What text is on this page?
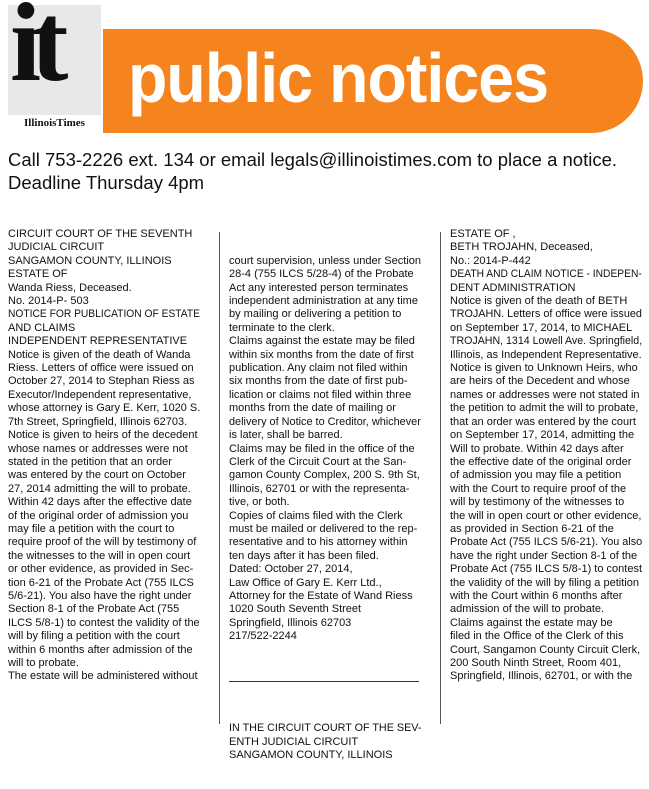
it
IllinoisTimes
public notices
Call 753-2226 ext. 134 or email legals@illinoistimes.com to place a notice.
Deadline Thursday 4pm
CIRCUIT COURT OF THE SEVENTH
JUDICIAL CIRCUIT
SANGAMON COUNTY, ILLINOIS
ESTATE OF
Wanda Riess, Deceased.
No. 2014-P- 503
NOTICE FOR PUBLICATION OF ESTATE
AND CLAIMS
INDEPENDENT REPRESENTATIVE
Notice is given of the death of Wanda
Riess. Letters of office were issued on
October 27, 2014 to Stephan Riess as
Executor/Independent representative,
whose attorney is Gary E. Kerr, 1020 S.
7th Street, Springfield, Illinois 62703.
Notice is given to heirs of the decedent
whose names or addresses were not
stated in the petition that an order
was entered by the court on October
27, 2014 admitting the will to probate.
Within 42 days after the effective date
of the original order of admission you
may file a petition with the court to
require proof of the will by testimony of
the witnesses to the will in open court
or other evidence, as provided in Sec-
tion 6-21 of the Probate Act (755 ILCS
5/6-21). You also have the right under
Section 8-1 of the Probate Act (755
ILCS 5/8-1) to contest the validity of the
will by filing a petition with the court
within 6 months after admission of the
will to probate.
The estate will be administered without

court supervision, unless under Section
28-4 (755 ILCS 5/28-4) of the Probate
Act any interested person terminates
independent administration at any time
by mailing or delivering a petition to
terminate to the clerk.
Claims against the estate may be filed
within six months from the date of first
publication. Any claim not filed within
six months from the date of first pub-
lication or claims not filed within three
months from the date of mailing or
delivery of Notice to Creditor, whichever
is later, shall be barred.
Claims may be filed in the office of the
Clerk of the Circuit Court at the San-
gamon County Complex, 200 S. 9th St,
Illinois, 62701 or with the representa-
tive, or both.
Copies of claims filed with the Clerk
must be mailed or delivered to the rep-
resentative and to his attorney within
ten days after it has been filed.
Dated: October 27, 2014,
Law Office of Gary E. Kerr Ltd.,
Attorney for the Estate of Wand Riess
1020 South Seventh Street
Springfield, Illinois 62703
217/522-2244

IN THE CIRCUIT COURT OF THE SEV-
ENTH JUDICIAL CIRCUIT
SANGAMON COUNTY, ILLINOIS

ESTATE OF ,
BETH TROJAHN, Deceased,
No.: 2014-P-442
DEATH AND CLAIM NOTICE - INDEPEN-
DENT ADMINISTRATION
Notice is given of the death of BETH
TROJAHN. Letters of office were issued
on September 17, 2014, to MICHAEL
TROJAHN, 1314 Lowell Ave. Springfield,
Illinois, as Independent Representative.
Notice is given to Unknown Heirs, who
are heirs of the Decedent and whose
names or addresses were not stated in
the petition to admit the will to probate,
that an order was entered by the court
on September 17, 2014, admitting the
Will to probate. Within 42 days after
the effective date of the original order
of admission you may file a petition
with the Court to require proof of the
will by testimony of the witnesses to
the will in open court or other evidence,
as provided in Section 6-21 of the
Probate Act (755 ILCS 5/6-21). You also
have the right under Section 8-1 of the
Probate Act (755 ILCS 5/8-1) to contest
the validity of the will by filing a petition
with the Court within 6 months after
admission of the will to probate.
Claims against the estate may be
filed in the Office of the Clerk of this
Court, Sangamon County Circuit Clerk,
200 South Ninth Street, Room 401,
Springfield, Illinois, 62701, or with the
